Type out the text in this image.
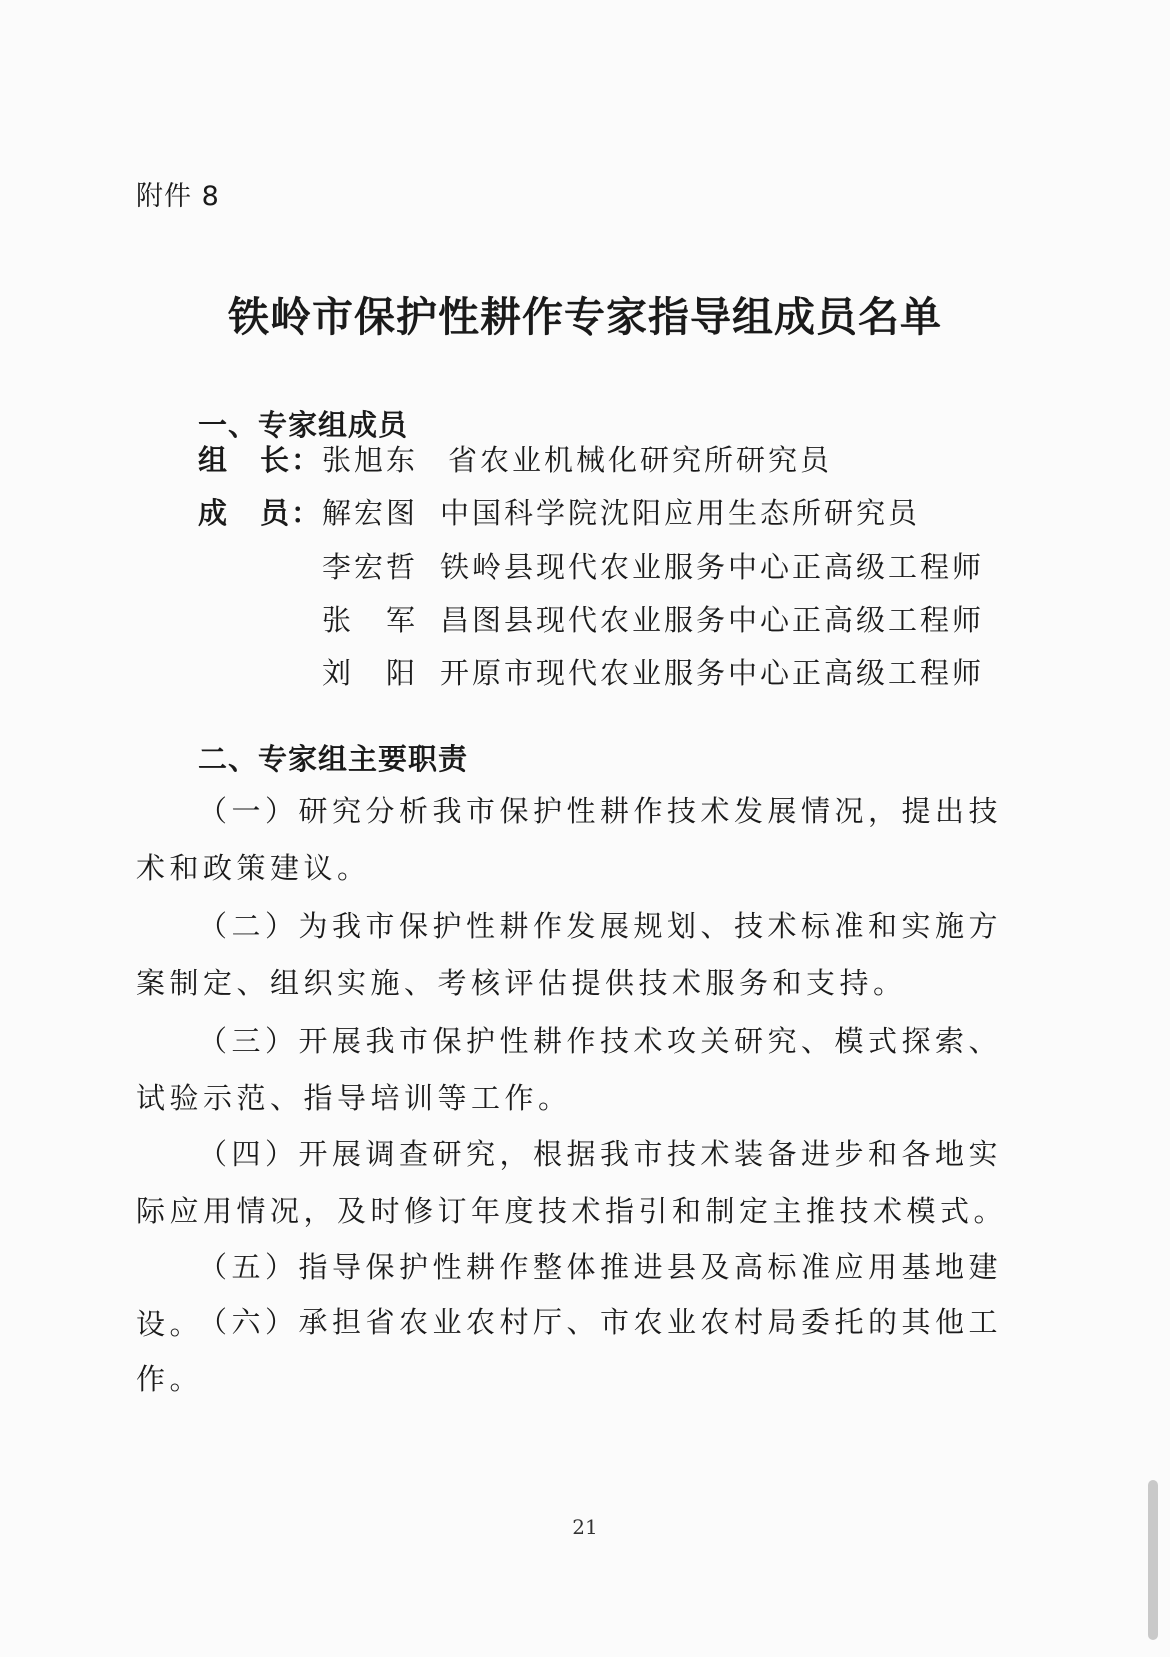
附件 8
铁岭市保护性耕作专家指导组成员名单
一、专家组成员
组　长： 张旭东 省农业机械化研究所研究员
成　员： 解宏图 中国科学院沈阳应用生态所研究员
李宏哲 铁岭县现代农业服务中心正高级工程师
张　军 昌图县现代农业服务中心正高级工程师
刘　阳 开原市现代农业服务中心正高级工程师
二、专家组主要职责
（一）研究分析我市保护性耕作技术发展情况，提出技术和政策建议。
（二）为我市保护性耕作发展规划、技术标准和实施方案制定、组织实施、考核评估提供技术服务和支持。
（三）开展我市保护性耕作技术攻关研究、模式探索、试验示范、指导培训等工作。
（四）开展调查研究，根据我市技术装备进步和各地实际应用情况，及时修订年度技术指引和制定主推技术模式。
（五）指导保护性耕作整体推进县及高标准应用基地建设。
（六）承担省农业农村厅、市农业农村局委托的其他工作。
21
